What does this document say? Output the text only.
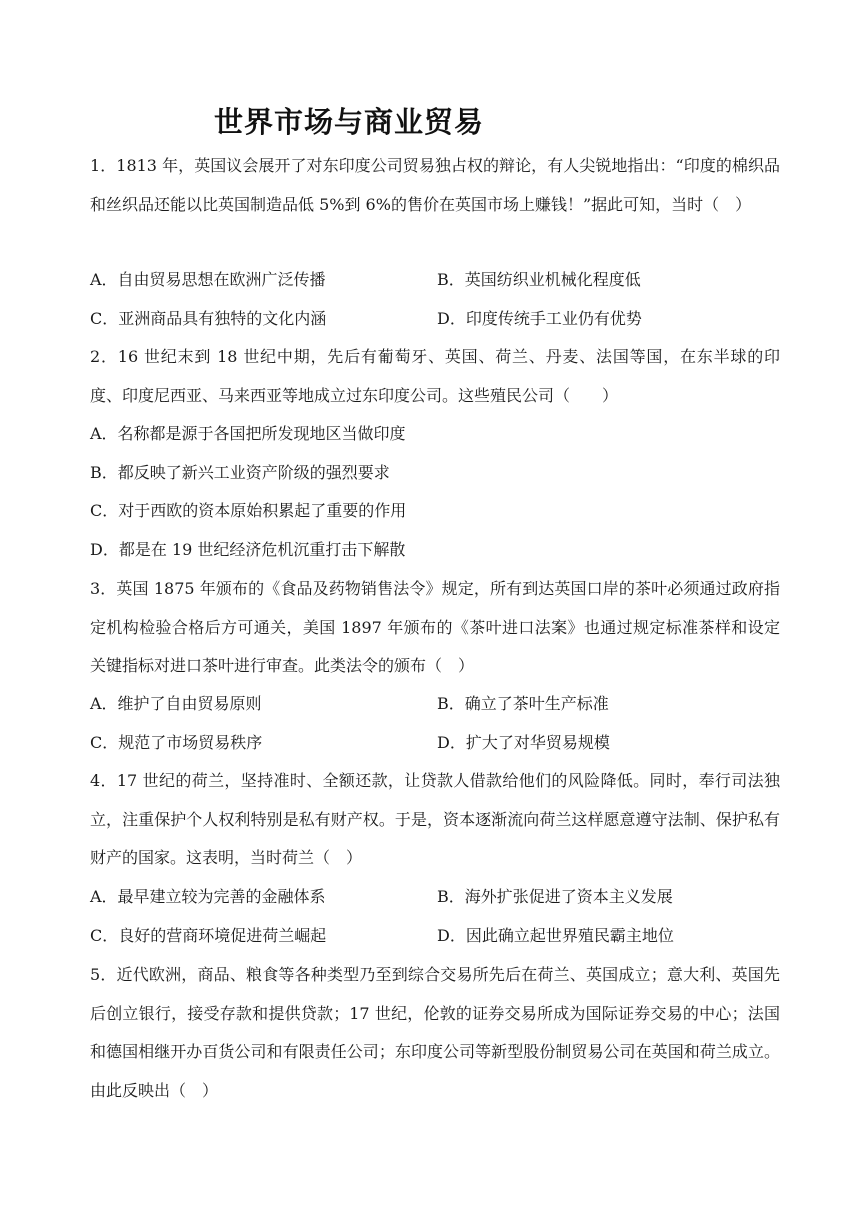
世界市场与商业贸易
1．1813 年，英国议会展开了对东印度公司贸易独占权的辩论，有人尖锐地指出：“印度的棉织品和丝织品还能以比英国制造品低 5%到 6%的售价在英国市场上赚钱！”据此可知，当时（　）
A．自由贸易思想在欧洲广泛传播	B．英国纺织业机械化程度低
C．亚洲商品具有独特的文化内涵	D．印度传统手工业仍有优势
2．16 世纪末到 18 世纪中期，先后有葡萄牙、英国、荷兰、丹麦、法国等国，在东半球的印度、印度尼西亚、马来西亚等地成立过东印度公司。这些殖民公司（　　）
A．名称都是源于各国把所发现地区当做印度
B．都反映了新兴工业资产阶级的强烈要求
C．对于西欧的资本原始积累起了重要的作用
D．都是在 19 世纪经济危机沉重打击下解散
3．英国 1875 年颁布的《食品及药物销售法令》规定，所有到达英国口岸的茶叶必须通过政府指定机构检验合格后方可通关，美国 1897 年颁布的《茶叶进口法案》也通过规定标准茶样和设定关键指标对进口茶叶进行审查。此类法令的颁布（　）
A．维护了自由贸易原则	B．确立了茶叶生产标准
C．规范了市场贸易秩序	D．扩大了对华贸易规模
4．17 世纪的荷兰，坚持准时、全额还款，让贷款人借款给他们的风险降低。同时，奉行司法独立，注重保护个人权利特别是私有财产权。于是，资本逐渐流向荷兰这样愿意遵守法制、保护私有财产的国家。这表明，当时荷兰（　）
A．最早建立较为完善的金融体系	B．海外扩张促进了资本主义发展
C．良好的营商环境促进荷兰崛起	D．因此确立起世界殖民霸主地位
5．近代欧洲，商品、粮食等各种类型乃至到综合交易所先后在荷兰、英国成立；意大利、英国先后创立银行，接受存款和提供贷款；17 世纪，伦敦的证券交易所成为国际证券交易的中心；法国和德国相继开办百货公司和有限责任公司；东印度公司等新型股份制贸易公司在英国和荷兰成立。由此反映出（　）
